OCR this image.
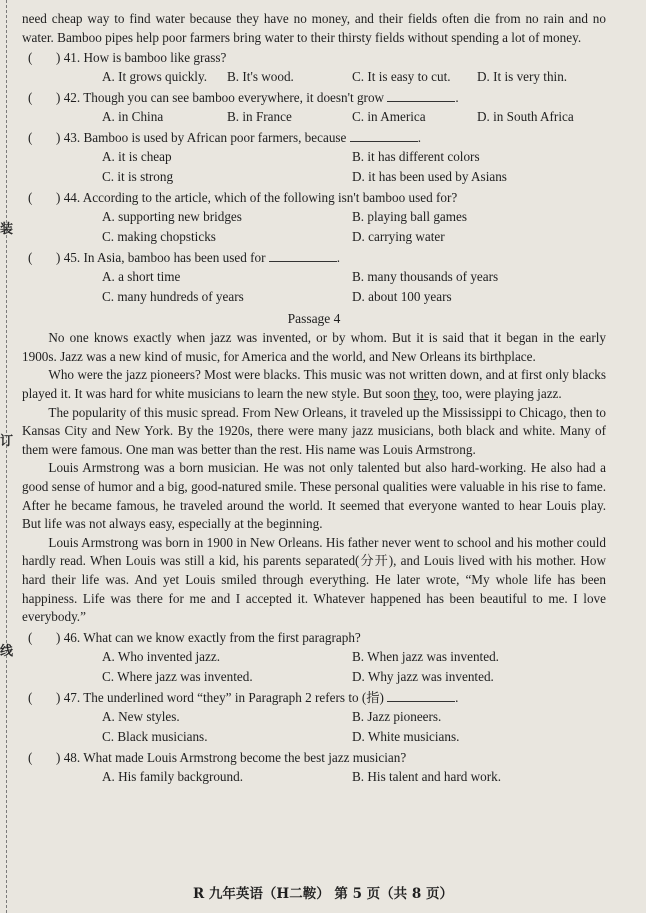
装
订
线

need cheap way to find water because they have no money, and their fields often die from no rain and no water. Bamboo pipes help poor farmers bring water to their thirsty fields without spending a lot of money.

( ) 41. How is bamboo like grass?
A. It grows quickly.	B. It's wood.	C. It is easy to cut.	D. It is very thin.
( ) 42. Though you can see bamboo everywhere, it doesn't grow	.
A. in China	B. in France	C. in America	D. in South Africa
( ) 43. Bamboo is used by African poor farmers, because	.
A. it is cheap	B. it has different colors
C. it is strong	D. it has been used by Asians
( ) 44. According to the article, which of the following isn't bamboo used for?
A. supporting new bridges	B. playing ball games
C. making chopsticks	D. carrying water
( ) 45. In Asia, bamboo has been used for	.
A. a short time	B. many thousands of years
C. many hundreds of years	D. about 100 years
Passage 4

No one knows exactly when jazz was invented, or by whom. But it is said that it began in the early 1900s. Jazz was a new kind of music, for America and the world, and New Orleans its birthplace.

Who were the jazz pioneers? Most were blacks. This music was not written down, and at first only blacks played it. It was hard for white musicians to learn the new style. But soon they, too, were playing jazz.

The popularity of this music spread. From New Orleans, it traveled up the Mississippi to Chicago, then to Kansas City and New York. By the 1920s, there were many jazz musicians, both black and white. Many of them were famous. One man was better than the rest. His name was Louis Armstrong.

Louis Armstrong was a born musician. He was not only talented but also hard-working. He also had a good sense of humor and a big, good-natured smile. These personal qualities were valuable in his rise to fame. After he became famous, he traveled around the world. It seemed that everyone wanted to hear Louis play. But life was not always easy, especially at the beginning.

Louis Armstrong was born in 1900 in New Orleans. His father never went to school and his mother could hardly read. When Louis was still a kid, his parents separated(分开), and Louis lived with his mother. How hard their life was. And yet Louis smiled through everything. He later wrote, “My whole life has been happiness. Life was there for me and I accepted it. Whatever happened has been beautiful to me. I love everybody.”

( ) 46. What can we know exactly from the first paragraph?
A. Who invented jazz.	B. When jazz was invented.
C. Where jazz was invented.	D. Why jazz was invented.
( ) 47. The underlined word “they” in Paragraph 2 refers to (指)	.
A. New styles.	B. Jazz pioneers.
C. Black musicians.	D. White musicians.
( ) 48. What made Louis Armstrong become the best jazz musician?
A. His family background.	B. His talent and hard work.
R 九年英语（H二鞍） 第 5 页（共 8 页）
